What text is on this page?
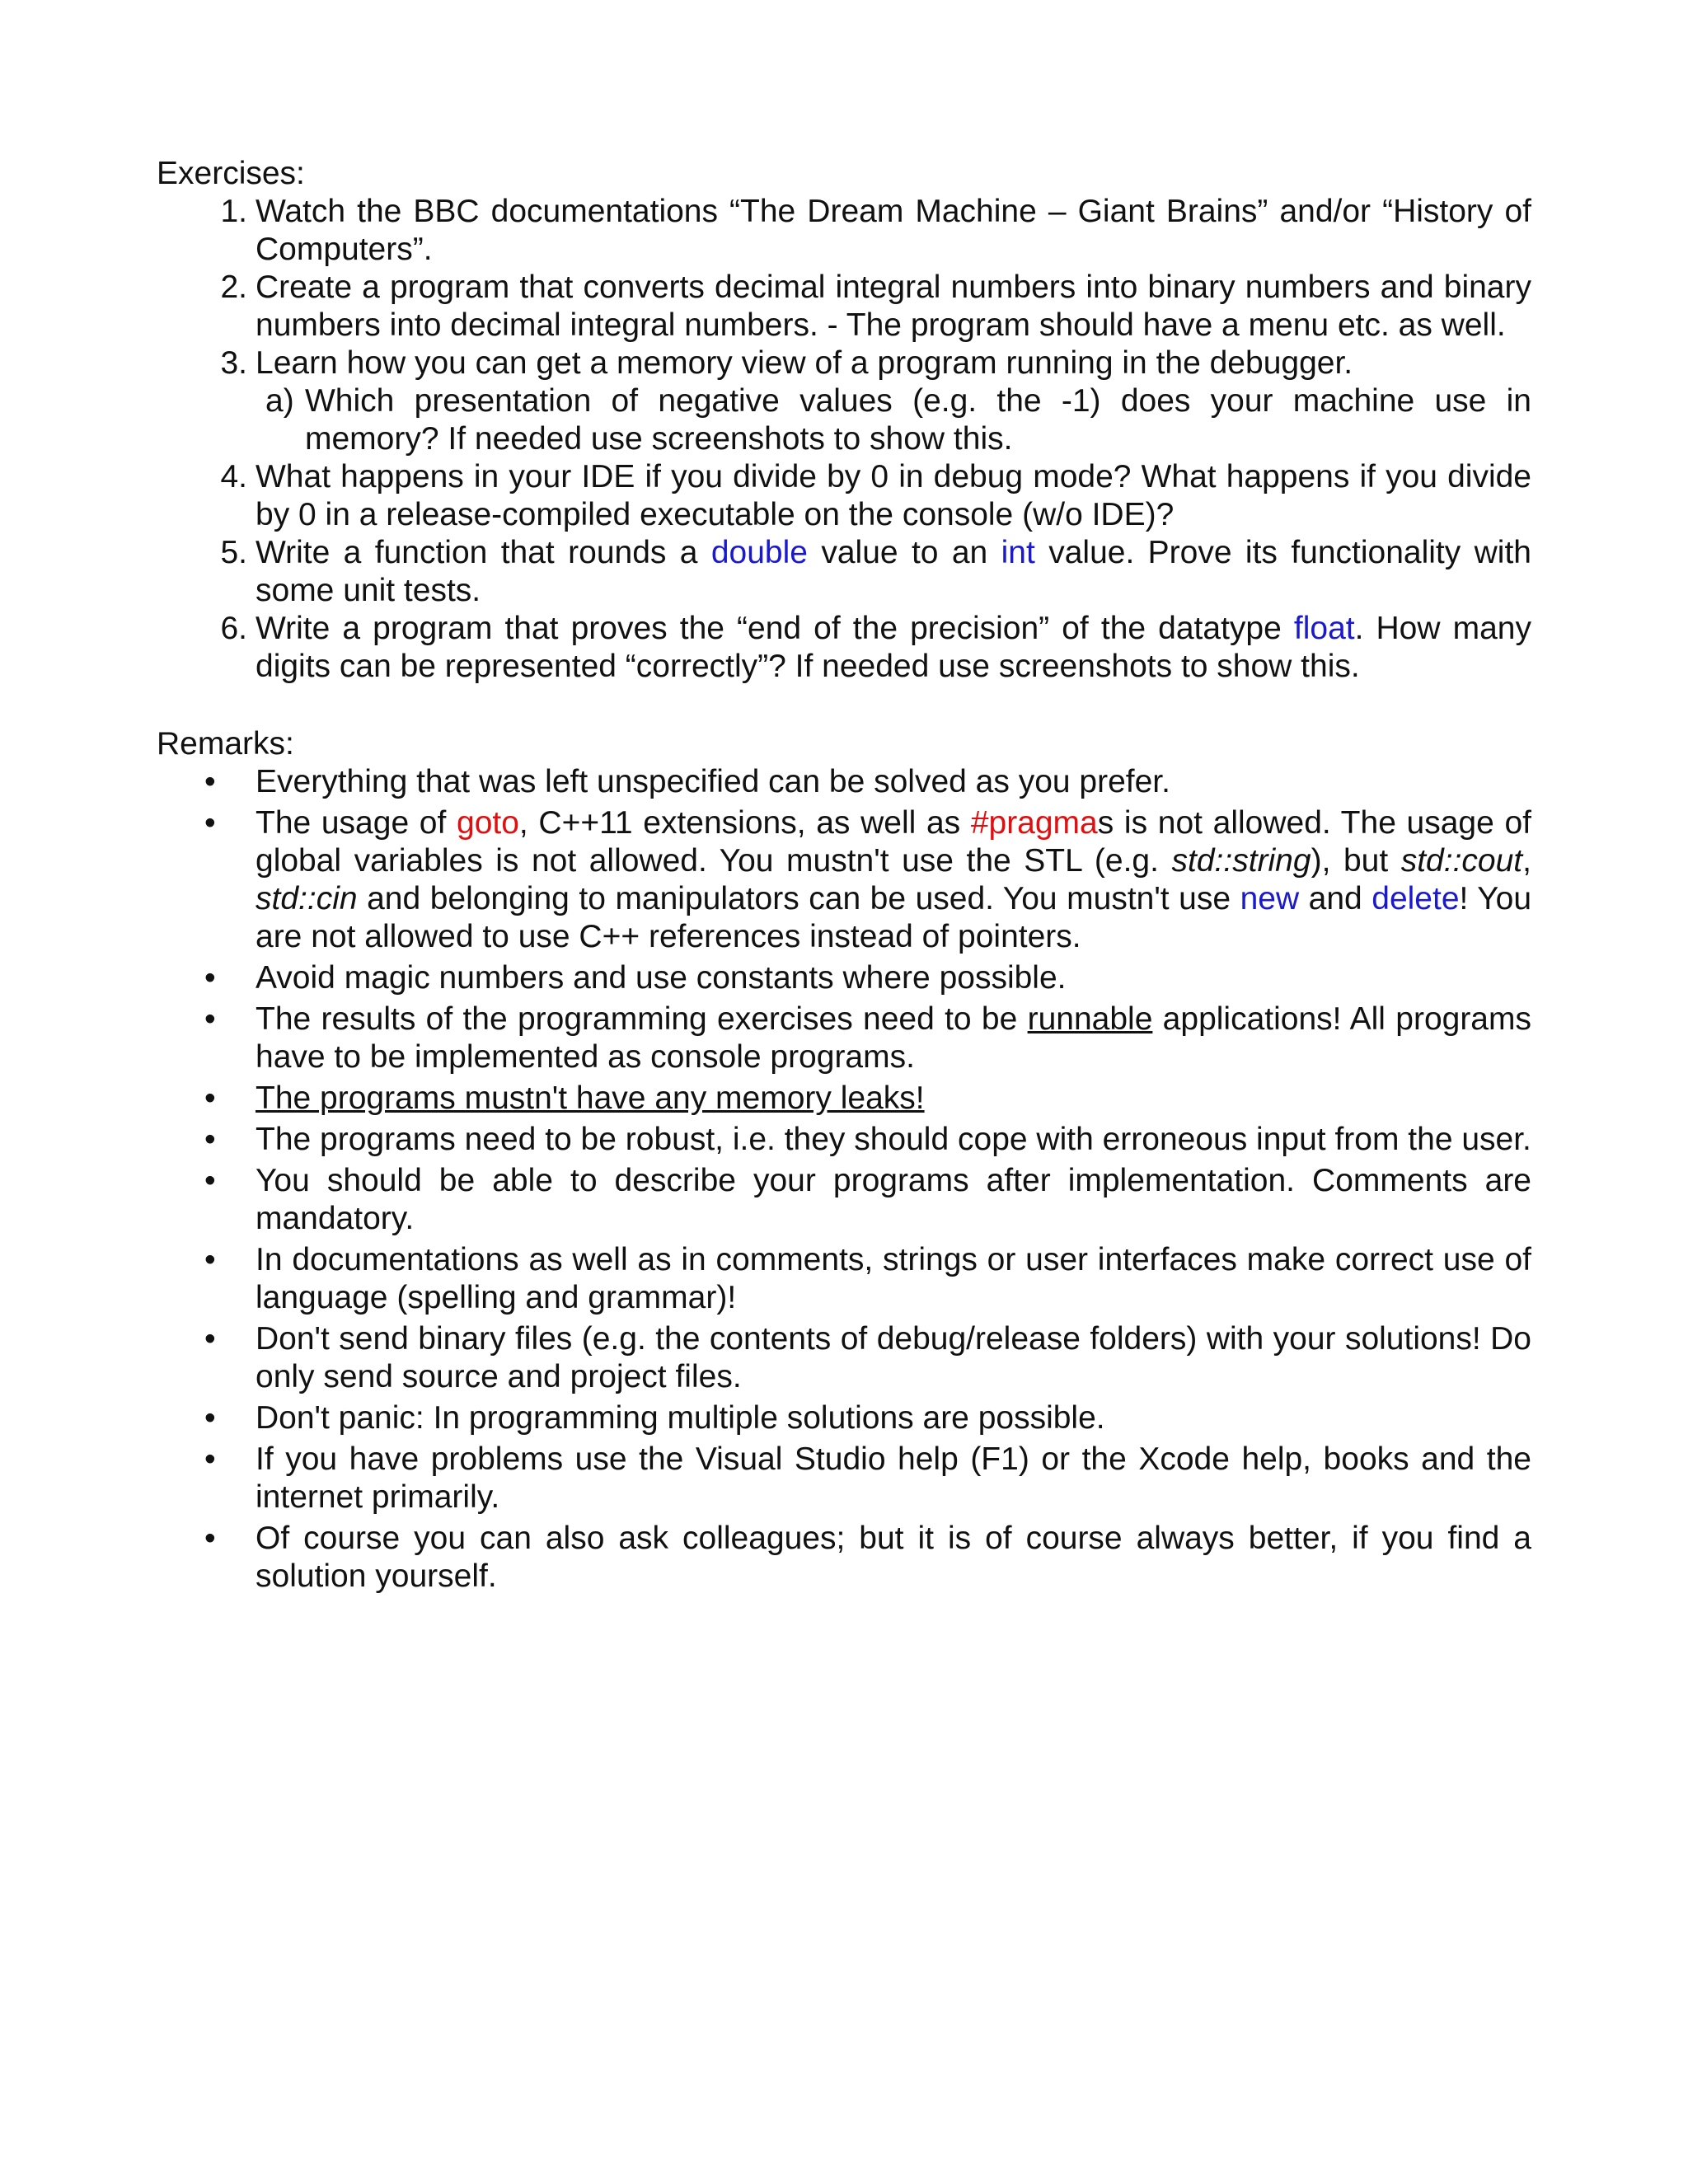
Exercises:

1. Watch the BBC documentations “The Dream Machine – Giant Brains” and/or “History of Computers”.
2. Create a program that converts decimal integral numbers into binary numbers and binary numbers into decimal integral numbers. - The program should have a menu etc. as well.
3. Learn how you can get a memory view of a program running in the debugger.
a) Which presentation of negative values (e.g. the -1) does your machine use in memory? If needed use screenshots to show this.
4. What happens in your IDE if you divide by 0 in debug mode? What happens if you divide by 0 in a release-compiled executable on the console (w/o IDE)?
5. Write a function that rounds a double value to an int value. Prove its functionality with some unit tests.
6. Write a program that proves the “end of the precision” of the datatype float. How many digits can be represented “correctly”? If needed use screenshots to show this.

Remarks:

• Everything that was left unspecified can be solved as you prefer.
• The usage of goto, C++11 extensions, as well as #pragmas is not allowed. The usage of global variables is not allowed. You mustn't use the STL (e.g. std::string), but std::cout, std::cin and belonging to manipulators can be used. You mustn't use new and delete! You are not allowed to use C++ references instead of pointers.
• Avoid magic numbers and use constants where possible.
• The results of the programming exercises need to be runnable applications! All programs have to be implemented as console programs.
• The programs mustn't have any memory leaks!
• The programs need to be robust, i.e. they should cope with erroneous input from the user.
• You should be able to describe your programs after implementation. Comments are mandatory.
• In documentations as well as in comments, strings or user interfaces make correct use of language (spelling and grammar)!
• Don't send binary files (e.g. the contents of debug/release folders) with your solutions! Do only send source and project files.
• Don't panic: In programming multiple solutions are possible.
• If you have problems use the Visual Studio help (F1) or the Xcode help, books and the internet primarily.
• Of course you can also ask colleagues; but it is of course always better, if you find a solution yourself.
